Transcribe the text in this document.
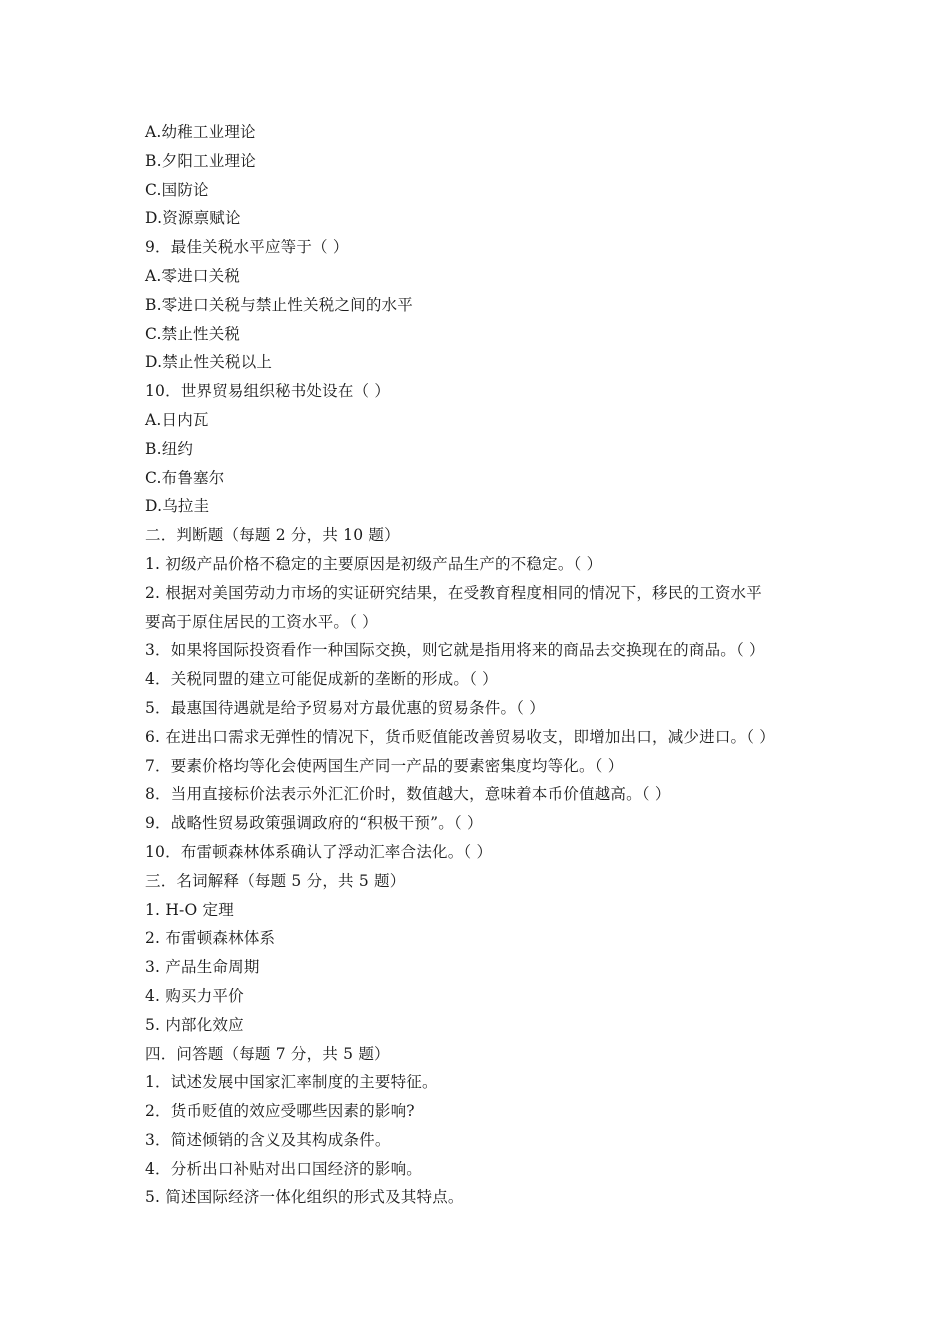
A.幼稚工业理论
B.夕阳工业理论
C.国防论
D.资源禀赋论
9．最佳关税水平应等于（ ）
A.零进口关税
B.零进口关税与禁止性关税之间的水平
C.禁止性关税
D.禁止性关税以上
10．世界贸易组织秘书处设在（ ）
A.日内瓦
B.纽约
C.布鲁塞尔
D.乌拉圭
二．判断题（每题 2 分，共 10 题）
1. 初级产品价格不稳定的主要原因是初级产品生产的不稳定。（ ）
2. 根据对美国劳动力市场的实证研究结果，在受教育程度相同的情况下，移民的工资水平
要高于原住居民的工资水平。（ ）
3．如果将国际投资看作一种国际交换，则它就是指用将来的商品去交换现在的商品。（ ）
4．关税同盟的建立可能促成新的垄断的形成。（ ）
5．最惠国待遇就是给予贸易对方最优惠的贸易条件。（ ）
6. 在进出口需求无弹性的情况下，货币贬值能改善贸易收支，即增加出口，减少进口。（ ）
7．要素价格均等化会使两国生产同一产品的要素密集度均等化。（ ）
8．当用直接标价法表示外汇汇价时，数值越大，意味着本币价值越高。（ ）
9．战略性贸易政策强调政府的“积极干预”。（ ）
10．布雷顿森林体系确认了浮动汇率合法化。（ ）
三．名词解释（每题 5 分，共 5 题）
1. H-O 定理
2. 布雷顿森林体系
3. 产品生命周期
4. 购买力平价
5. 内部化效应
四．问答题（每题 7 分，共 5 题）
1．试述发展中国家汇率制度的主要特征。
2．货币贬值的效应受哪些因素的影响?
3．简述倾销的含义及其构成条件。
4．分析出口补贴对出口国经济的影响。
5. 简述国际经济一体化组织的形式及其特点。
